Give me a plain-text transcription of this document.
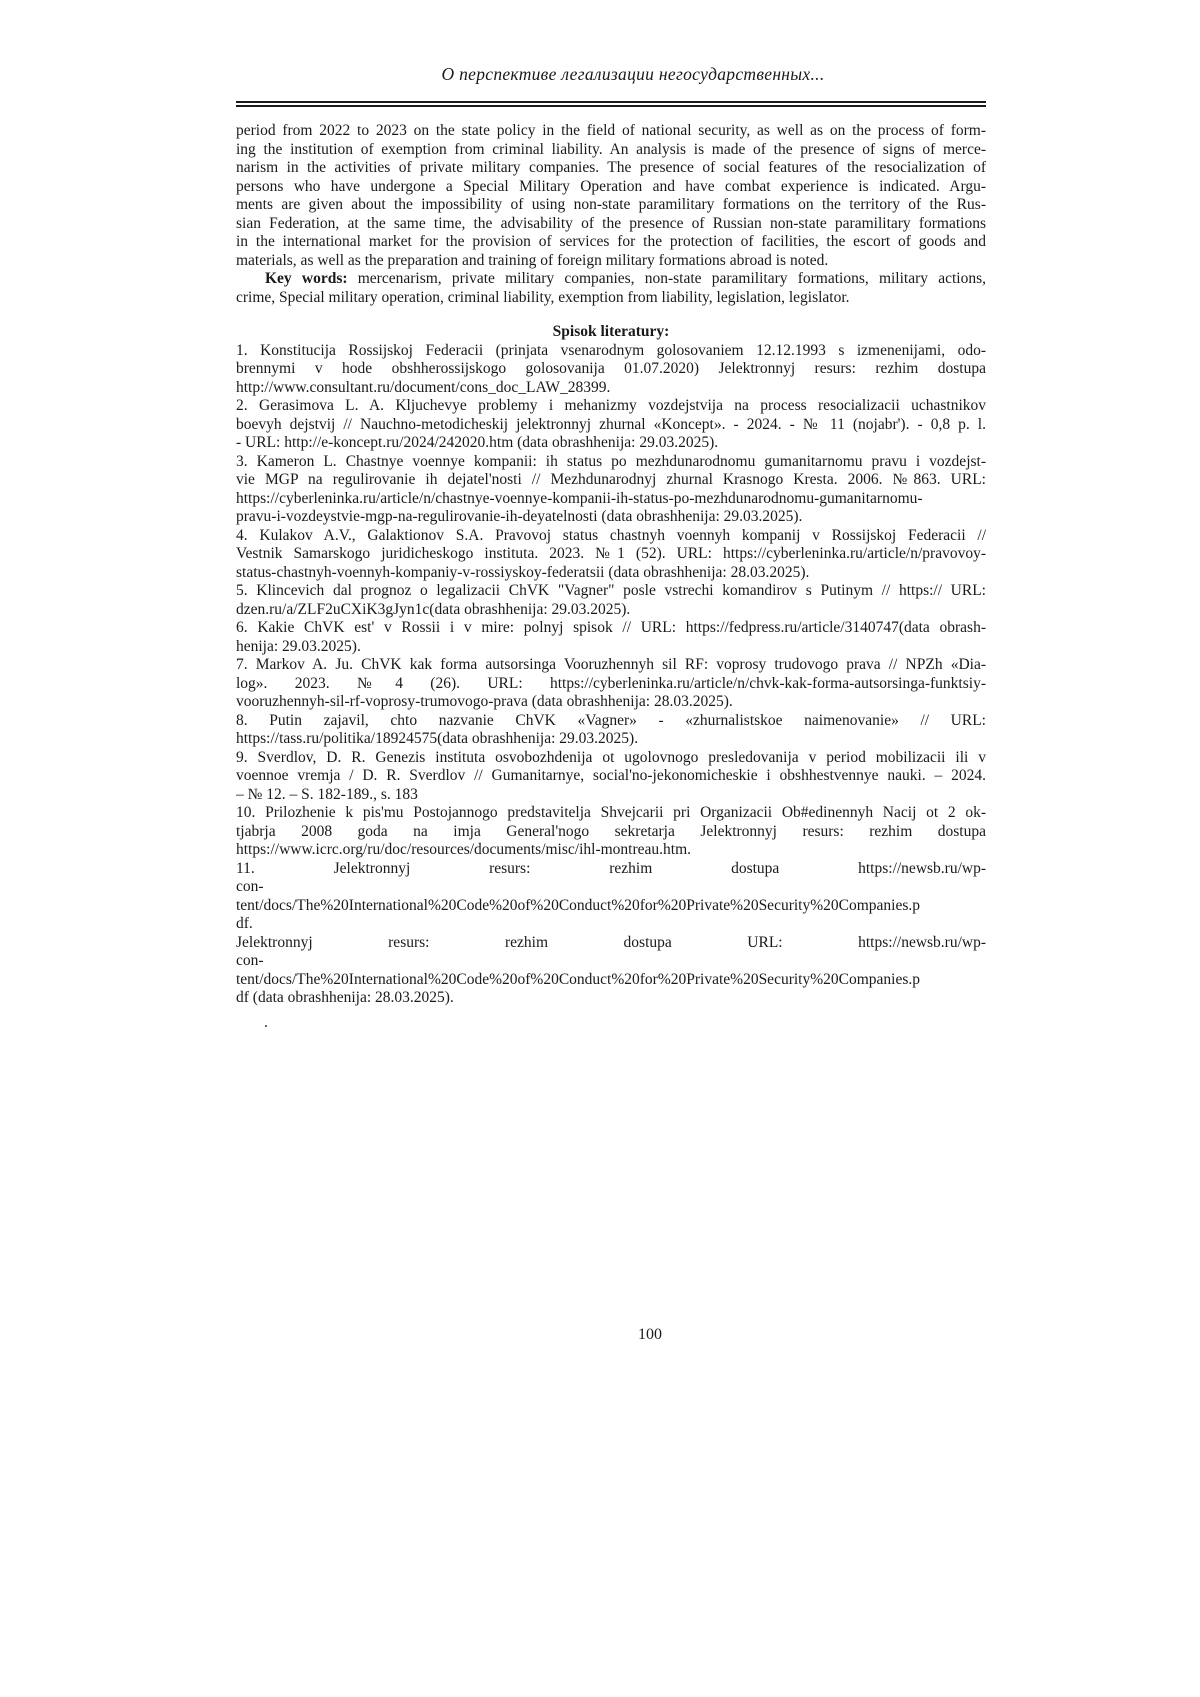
О перспективе легализации негосударственных...
period from 2022 to 2023 on the state policy in the field of national security, as well as on the process of form-
ing the institution of exemption from criminal liability. An analysis is made of the presence of signs of merce-
narism in the activities of private military companies. The presence of social features of the resocialization of
persons who have undergone a Special Military Operation and have combat experience is indicated. Argu-
ments are given about the impossibility of using non-state paramilitary formations on the territory of the Rus-
sian Federation, at the same time, the advisability of the presence of Russian non-state paramilitary formations
in the international market for the provision of services for the protection of facilities, the escort of goods and
materials, as well as the preparation and training of foreign military formations abroad is noted.
Key words: mercenarism, private military companies, non-state paramilitary formations, military actions,
crime, Special military operation, criminal liability, exemption from liability, legislation, legislator.
Spisok literatury:
1. Konstitucija Rossijskoj Federacii (prinjata vsenarodnym golosovaniem 12.12.1993 s izmenenijami, odo-
brennymi v hode obshherossijskogo golosovanija 01.07.2020) Jelektronnyj resurs: rezhim dostupa
http://www.consultant.ru/document/cons_doc_LAW_28399.
2. Gerasimova L. A. Kljuchevye problemy i mehanizmy vozdejstvija na process resocializacii uchastnikov
boevyh dejstvij // Nauchno-metodicheskij jelektronnyj zhurnal «Koncept». - 2024. - № 11 (nojabr'). - 0,8 p. l.
- URL: http://e-koncept.ru/2024/242020.htm (data obrashhenija: 29.03.2025).
3. Kameron L. Chastnye voennye kompanii: ih status po mezhdunarodnomu gumanitarnomu pravu i vozdejst-
vie MGP na regulirovanie ih dejatel'nosti // Mezhdunarodnyj zhurnal Krasnogo Kresta. 2006. №863. URL:
https://cyberleninka.ru/article/n/chastnye-voennye-kompanii-ih-status-po-mezhdunarodnomu-gumanitarnomu-
pravu-i-vozdeystvie-mgp-na-regulirovanie-ih-deyatelnosti (data obrashhenija: 29.03.2025).
4. Kulakov A.V., Galaktionov S.A. Pravovoj status chastnyh voennyh kompanij v Rossijskoj Federacii //
Vestnik Samarskogo juridicheskogo instituta. 2023. №1 (52). URL: https://cyberleninka.ru/article/n/pravovoy-
status-chastnyh-voennyh-kompaniy-v-rossiyskoy-federatsii (data obrashhenija: 28.03.2025).
5. Klincevich dal prognoz o legalizacii ChVK "Vagner" posle vstrechi komandirov s Putinym // https:// URL:
dzen.ru/a/ZLF2uCXiK3gJyn1c(data obrashhenija: 29.03.2025).
6. Kakie ChVK est' v Rossii i v mire: polnyj spisok // URL: https://fedpress.ru/article/3140747(data obrash-
henija: 29.03.2025).
7. Markov A. Ju. ChVK kak forma autsorsinga Vooruzhennyh sil RF: voprosy trudovogo prava // NPZh «Dia-
log». 2023. №4 (26). URL: https://cyberleninka.ru/article/n/chvk-kak-forma-autsorsinga-funktsiy-
vooruzhennyh-sil-rf-voprosy-trumovogo-prava (data obrashhenija: 28.03.2025).
8. Putin zajavil, chto nazvanie ChVK «Vagner» - «zhurnalistskoe naimenovanie» // URL:
https://tass.ru/politika/18924575(data obrashhenija: 29.03.2025).
9. Sverdlov, D. R. Genezis instituta osvobozhdenija ot ugolovnogo presledovanija v period mobilizacii ili v
voennoe vremja / D. R. Sverdlov // Gumanitarnye, social'no-jekonomicheskie i obshhestvennye nauki. – 2024.
– № 12. – S. 182-189., s. 183
10. Prilozhenie k pis'mu Postojannogo predstavitelja Shvejcarii pri Organizacii Ob#edinennyh Nacij ot 2 ok-
tjabrja 2008 goda na imja General'nogo sekretarja Jelektronnyj resurs: rezhim dostupa
https://www.icrc.org/ru/doc/resources/documents/misc/ihl-montreau.htm.
11. Jelektronnyj resurs: rezhim dostupa https://newsb.ru/wp-
con-
tent/docs/The%20International%20Code%20of%20Conduct%20for%20Private%20Security%20Companies.p
df.
Jelektronnyj resurs: rezhim dostupa URL: https://newsb.ru/wp-
con-
tent/docs/The%20International%20Code%20of%20Conduct%20for%20Private%20Security%20Companies.p
df (data obrashhenija: 28.03.2025).
.
100
